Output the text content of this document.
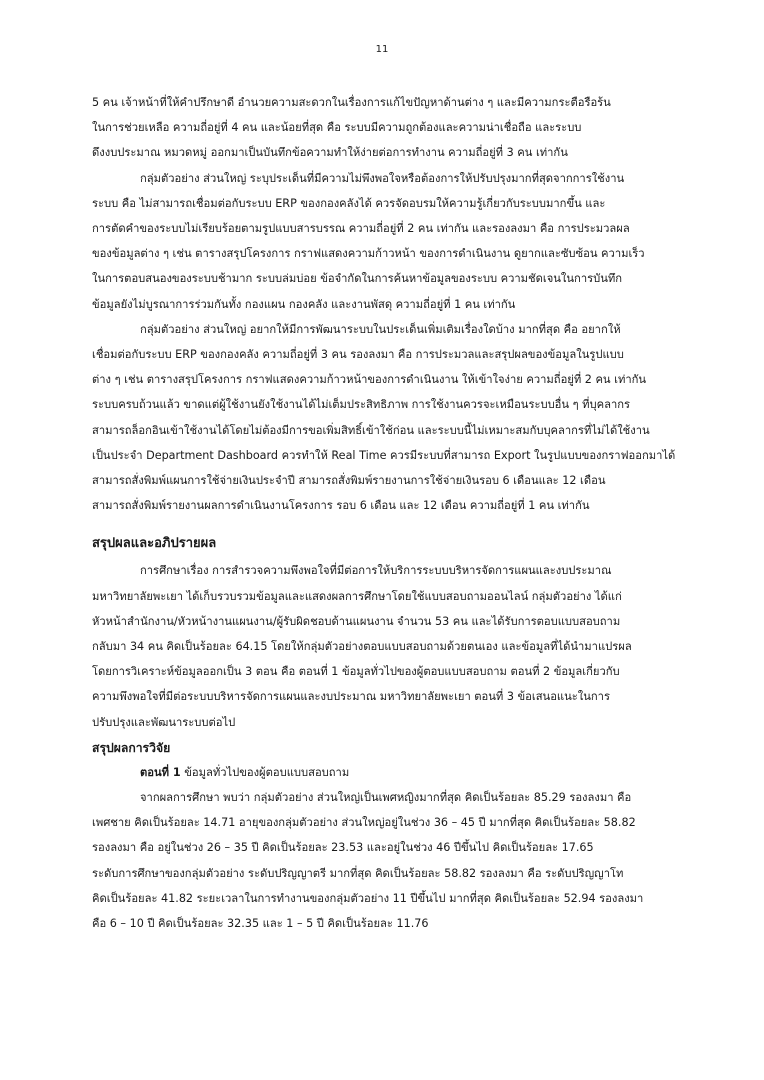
11

5 คน เจ้าหน้าที่ให้คำปรึกษาดี อำนวยความสะดวกในเรื่องการแก้ไขปัญหาด้านต่าง ๆ และมีความกระตือรือร้น
ในการช่วยเหลือ ความถี่อยู่ที่ 4 คน และน้อยที่สุด คือ ระบบมีความถูกต้องและความน่าเชื่อถือ และระบบ
ดึงงบประมาณ หมวดหมู่ ออกมาเป็นบันทึกข้อความทำให้ง่ายต่อการทำงาน ความถี่อยู่ที่ 3 คน เท่ากัน

กลุ่มตัวอย่าง ส่วนใหญ่ ระบุประเด็นที่มีความไม่พึงพอใจหรือต้องการให้ปรับปรุงมากที่สุดจากการใช้งาน
ระบบ คือ ไม่สามารถเชื่อมต่อกับระบบ ERP ของกองคลังได้ ควรจัดอบรมให้ความรู้เกี่ยวกับระบบมากขึ้น และ
การตัดคำของระบบไม่เรียบร้อยตามรูปแบบสารบรรณ ความถี่อยู่ที่ 2 คน เท่ากัน และรองลงมา คือ การประมวลผล
ของข้อมูลต่าง ๆ เช่น ตารางสรุปโครงการ กราฟแสดงความก้าวหน้า ของการดำเนินงาน ดูยากและซับซ้อน ความเร็ว
ในการตอบสนองของระบบช้ามาก ระบบล่มบ่อย ข้อจำกัดในการค้นหาข้อมูลของระบบ ความชัดเจนในการบันทึก
ข้อมูลยังไม่บูรณาการร่วมกันทั้ง กองแผน กองคลัง และงานพัสดุ ความถี่อยู่ที่ 1 คน เท่ากัน

กลุ่มตัวอย่าง ส่วนใหญ่ อยากให้มีการพัฒนาระบบในประเด็นเพิ่มเติมเรื่องใดบ้าง มากที่สุด คือ อยากให้
เชื่อมต่อกับระบบ ERP ของกองคลัง ความถี่อยู่ที่ 3 คน รองลงมา คือ การประมวลและสรุปผลของข้อมูลในรูปแบบ
ต่าง ๆ เช่น ตารางสรุปโครงการ กราฟแสดงความก้าวหน้าของการดำเนินงาน ให้เข้าใจง่าย ความถี่อยู่ที่ 2 คน เท่ากัน
ระบบครบถ้วนแล้ว ขาดแต่ผู้ใช้งานยังใช้งานได้ไม่เต็มประสิทธิภาพ การใช้งานควรจะเหมือนระบบอื่น ๆ ที่บุคลากร
สามารถล็อกอินเข้าใช้งานได้โดยไม่ต้องมีการขอเพิ่มสิทธิ์เข้าใช้ก่อน และระบบนี้ไม่เหมาะสมกับบุคลากรที่ไม่ได้ใช้งาน
เป็นประจำ Department Dashboard ควรทำให้ Real Time ควรมีระบบที่สามารถ Export ในรูปแบบของกราฟออกมาได้
สามารถสั่งพิมพ์แผนการใช้จ่ายเงินประจำปี สามารถสั่งพิมพ์รายงานการใช้จ่ายเงินรอบ 6 เดือนและ 12 เดือน
สามารถสั่งพิมพ์รายงานผลการดำเนินงานโครงการ รอบ 6 เดือน และ 12 เดือน ความถี่อยู่ที่ 1 คน เท่ากัน

สรุปผลและอภิปรายผล

การศึกษาเรื่อง การสำรวจความพึงพอใจที่มีต่อการให้บริการระบบบริหารจัดการแผนและงบประมาณ
มหาวิทยาลัยพะเยา ได้เก็บรวบรวมข้อมูลและแสดงผลการศึกษาโดยใช้แบบสอบถามออนไลน์ กลุ่มตัวอย่าง ได้แก่
หัวหน้าสำนักงาน/หัวหน้างานแผนงาน/ผู้รับผิดชอบด้านแผนงาน จำนวน 53 คน และได้รับการตอบแบบสอบถาม
กลับมา 34 คน คิดเป็นร้อยละ 64.15 โดยให้กลุ่มตัวอย่างตอบแบบสอบถามด้วยตนเอง และข้อมูลที่ได้นำมาแปรผล
โดยการวิเคราะห์ข้อมูลออกเป็น 3 ตอน คือ ตอนที่ 1 ข้อมูลทั่วไปของผู้ตอบแบบสอบถาม ตอนที่ 2 ข้อมูลเกี่ยวกับ
ความพึงพอใจที่มีต่อระบบบริหารจัดการแผนและงบประมาณ มหาวิทยาลัยพะเยา ตอนที่ 3 ข้อเสนอแนะในการ
ปรับปรุงและพัฒนาระบบต่อไป

สรุปผลการวิจัย

ตอนที่ 1 ข้อมูลทั่วไปของผู้ตอบแบบสอบถาม

จากผลการศึกษา พบว่า กลุ่มตัวอย่าง ส่วนใหญ่เป็นเพศหญิงมากที่สุด คิดเป็นร้อยละ 85.29 รองลงมา คือ
เพศชาย คิดเป็นร้อยละ 14.71 อายุของกลุ่มตัวอย่าง ส่วนใหญ่อยู่ในช่วง 36 – 45 ปี มากที่สุด คิดเป็นร้อยละ 58.82
รองลงมา คือ อยู่ในช่วง 26 – 35 ปี คิดเป็นร้อยละ 23.53 และอยู่ในช่วง 46 ปีขึ้นไป คิดเป็นร้อยละ 17.65
ระดับการศึกษาของกลุ่มตัวอย่าง ระดับปริญญาตรี มากที่สุด คิดเป็นร้อยละ 58.82 รองลงมา คือ ระดับปริญญาโท
คิดเป็นร้อยละ 41.82 ระยะเวลาในการทำงานของกลุ่มตัวอย่าง 11 ปีขึ้นไป มากที่สุด คิดเป็นร้อยละ 52.94 รองลงมา
คือ 6 – 10 ปี คิดเป็นร้อยละ 32.35 และ 1 – 5 ปี คิดเป็นร้อยละ 11.76
